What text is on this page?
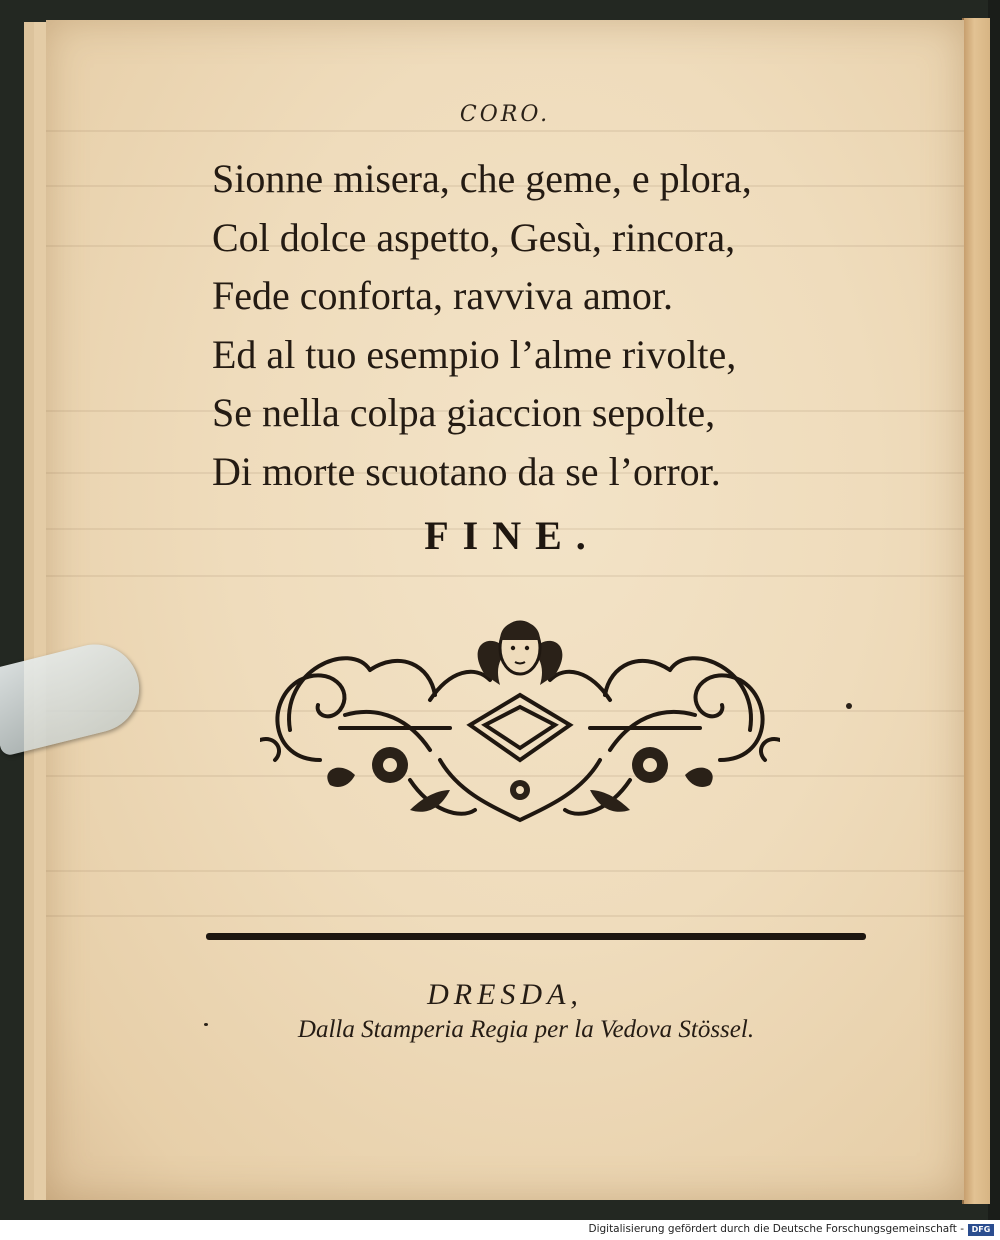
CORO.
Sionne misera, che geme, e plora,
Col dolce aspetto, Gesù, rincora,
Fede conforta, ravviva amor.
Ed al tuo esempio l’alme rivolte,
Se nella colpa giaccion sepolte,
Di morte scuotano da se l’orror.
FINE.
DRESDA,
Dalla Stamperia Regia per la Vedova Stössel.
Digitalisierung gefördert durch die Deutsche Forschungsgemeinschaft - DFG
